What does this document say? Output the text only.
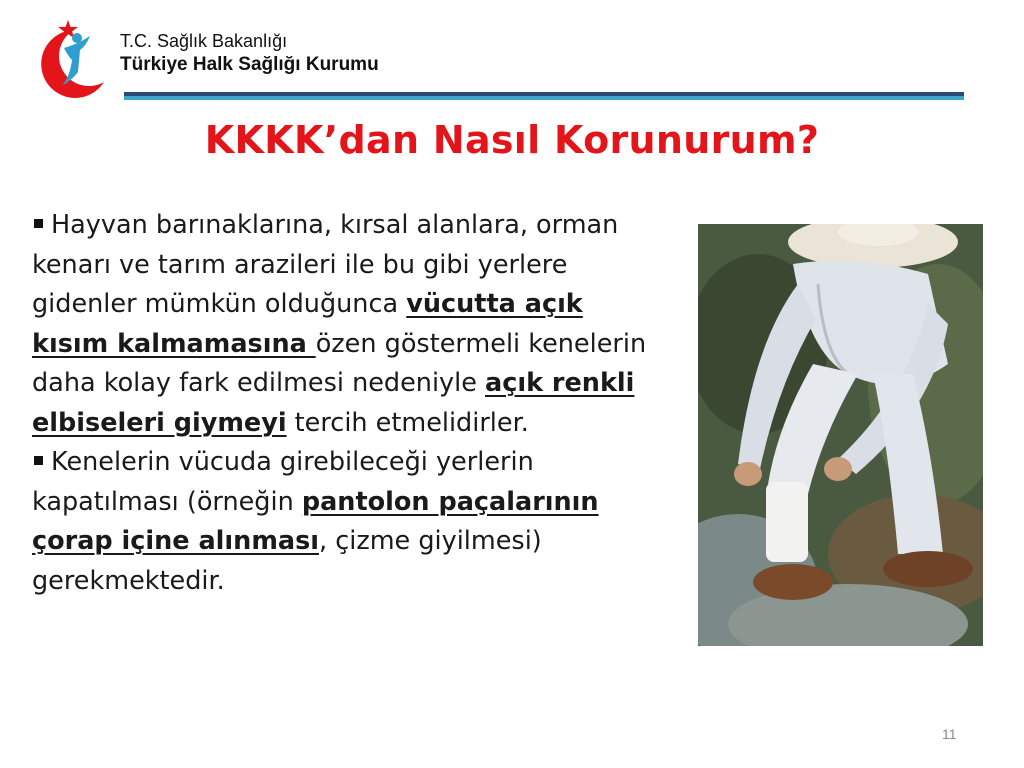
T.C. Sağlık Bakanlığı
Türkiye Halk Sağlığı Kurumu
KKKK’dan Nasıl Korunurum?

Hayvan barınaklarına, kırsal alanlara, orman kenarı ve tarım arazileri ile bu gibi yerlere gidenler mümkün olduğunca vücutta açık kısım kalmamasına özen göstermeli kenelerin daha kolay fark edilmesi nedeniyle açık renkli elbiseleri giymeyi tercih etmelidirler.

Kenelerin vücuda girebileceği yerlerin kapatılması (örneğin pantolon paçalarının çorap içine alınması, çizme giyilmesi) gerekmektedir.

11
